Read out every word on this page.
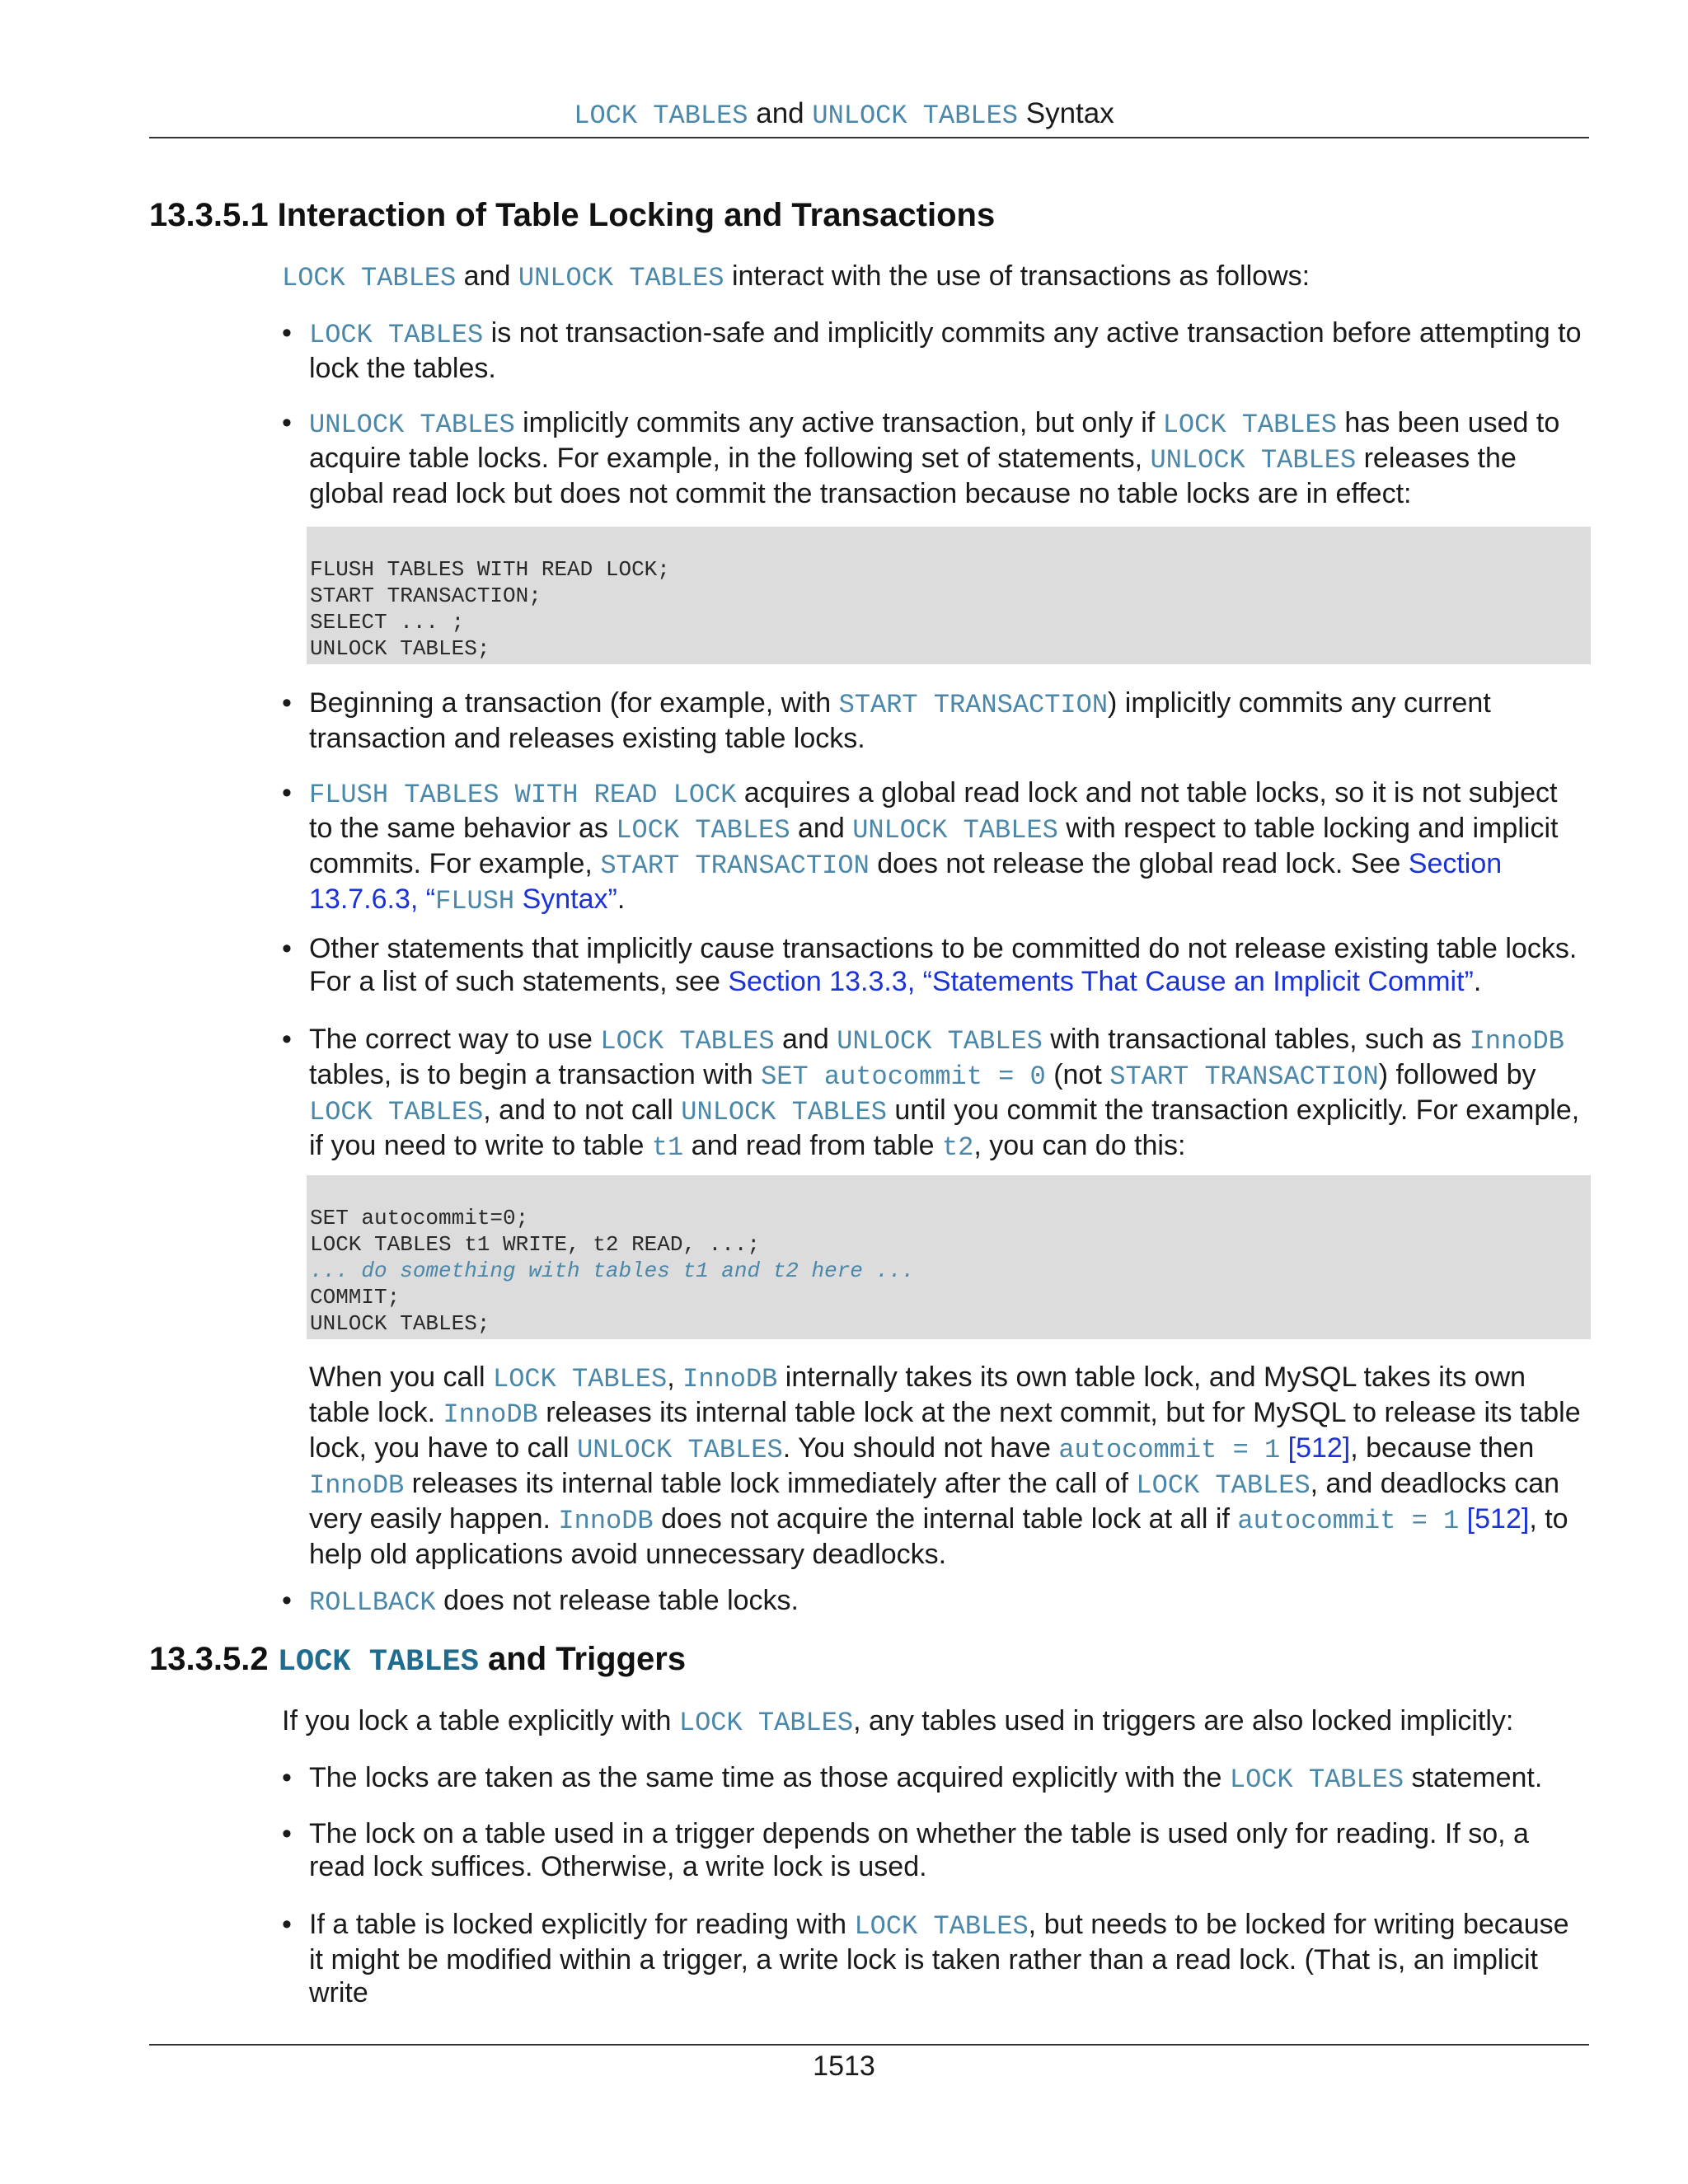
LOCK TABLES and UNLOCK TABLES Syntax
13.3.5.1 Interaction of Table Locking and Transactions
LOCK TABLES and UNLOCK TABLES interact with the use of transactions as follows:
• LOCK TABLES is not transaction-safe and implicitly commits any active transaction before attempting to lock the tables.
• UNLOCK TABLES implicitly commits any active transaction, but only if LOCK TABLES has been used to acquire table locks. For example, in the following set of statements, UNLOCK TABLES releases the global read lock but does not commit the transaction because no table locks are in effect:
FLUSH TABLES WITH READ LOCK;
START TRANSACTION;
SELECT ... ;
UNLOCK TABLES;
• Beginning a transaction (for example, with START TRANSACTION) implicitly commits any current transaction and releases existing table locks.
• FLUSH TABLES WITH READ LOCK acquires a global read lock and not table locks, so it is not subject to the same behavior as LOCK TABLES and UNLOCK TABLES with respect to table locking and implicit commits. For example, START TRANSACTION does not release the global read lock. See Section 13.7.6.3, “FLUSH Syntax”.
• Other statements that implicitly cause transactions to be committed do not release existing table locks. For a list of such statements, see Section 13.3.3, “Statements That Cause an Implicit Commit”.
• The correct way to use LOCK TABLES and UNLOCK TABLES with transactional tables, such as InnoDB tables, is to begin a transaction with SET autocommit = 0 (not START TRANSACTION) followed by LOCK TABLES, and to not call UNLOCK TABLES until you commit the transaction explicitly. For example, if you need to write to table t1 and read from table t2, you can do this:
SET autocommit=0;
LOCK TABLES t1 WRITE, t2 READ, ...;
... do something with tables t1 and t2 here ...
COMMIT;
UNLOCK TABLES;
When you call LOCK TABLES, InnoDB internally takes its own table lock, and MySQL takes its own table lock. InnoDB releases its internal table lock at the next commit, but for MySQL to release its table lock, you have to call UNLOCK TABLES. You should not have autocommit = 1 [512], because then InnoDB releases its internal table lock immediately after the call of LOCK TABLES, and deadlocks can very easily happen. InnoDB does not acquire the internal table lock at all if autocommit = 1 [512], to help old applications avoid unnecessary deadlocks.
• ROLLBACK does not release table locks.
13.3.5.2 LOCK TABLES and Triggers
If you lock a table explicitly with LOCK TABLES, any tables used in triggers are also locked implicitly:
• The locks are taken as the same time as those acquired explicitly with the LOCK TABLES statement.
• The lock on a table used in a trigger depends on whether the table is used only for reading. If so, a read lock suffices. Otherwise, a write lock is used.
• If a table is locked explicitly for reading with LOCK TABLES, but needs to be locked for writing because it might be modified within a trigger, a write lock is taken rather than a read lock. (That is, an implicit write
1513
